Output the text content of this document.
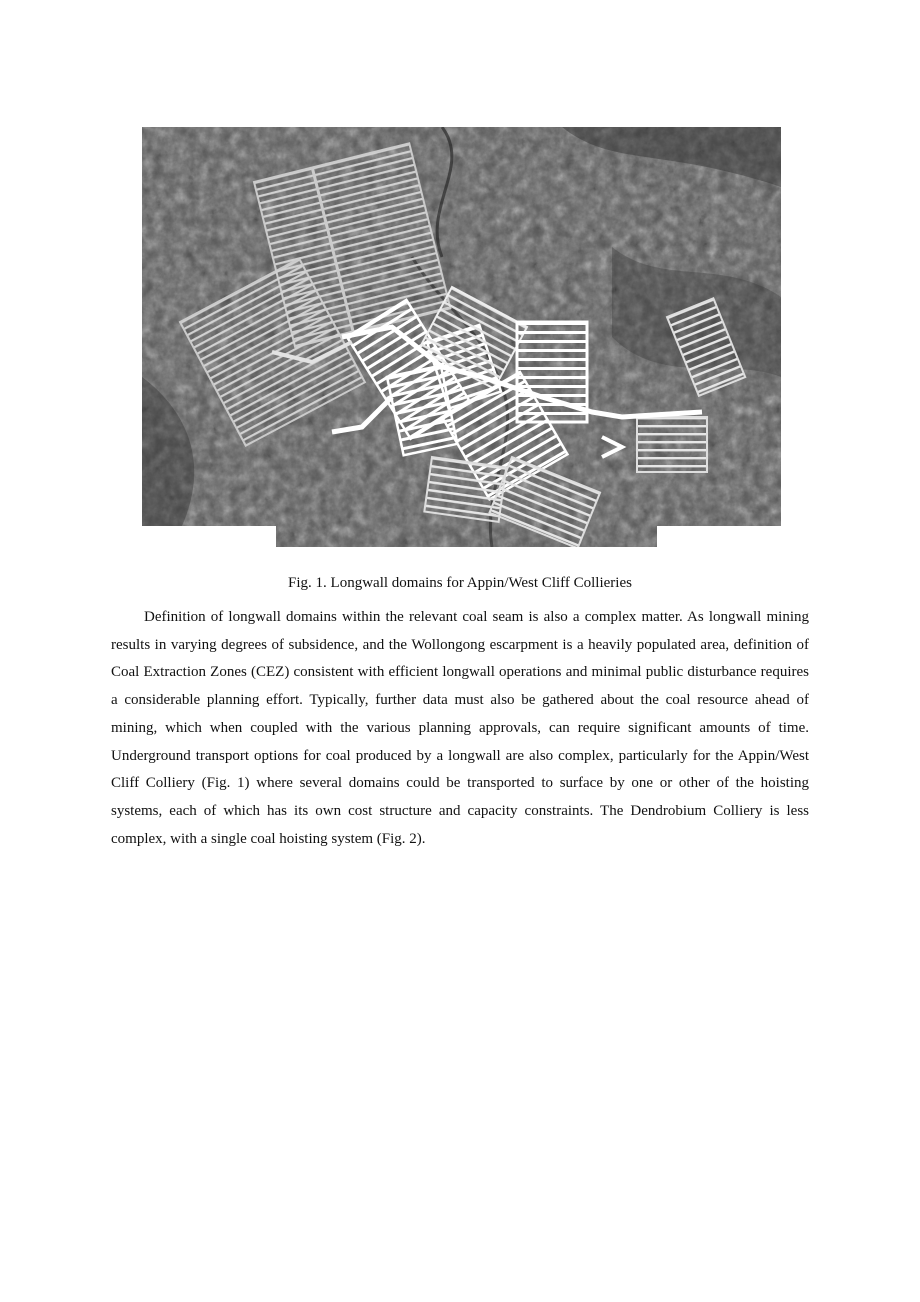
Fig. 1. Longwall domains for Appin/West Cliff Collieries

Definition of longwall domains within the relevant coal seam is also a complex matter. As longwall mining results in varying degrees of subsidence, and the Wollongong escarpment is a heavily populated area, definition of Coal Extraction Zones (CEZ) consistent with efficient longwall operations and minimal public disturbance requires a considerable planning effort. Typically, further data must also be gathered about the coal resource ahead of mining, which when coupled with the various planning approvals, can require significant amounts of time. Underground transport options for coal produced by a longwall are also complex, particularly for the Appin/West Cliff Colliery (Fig. 1) where several domains could be transported to surface by one or other of the hoisting systems, each of which has its own cost structure and capacity constraints. The Dendrobium Colliery is less complex, with a single coal hoisting system (Fig. 2).
